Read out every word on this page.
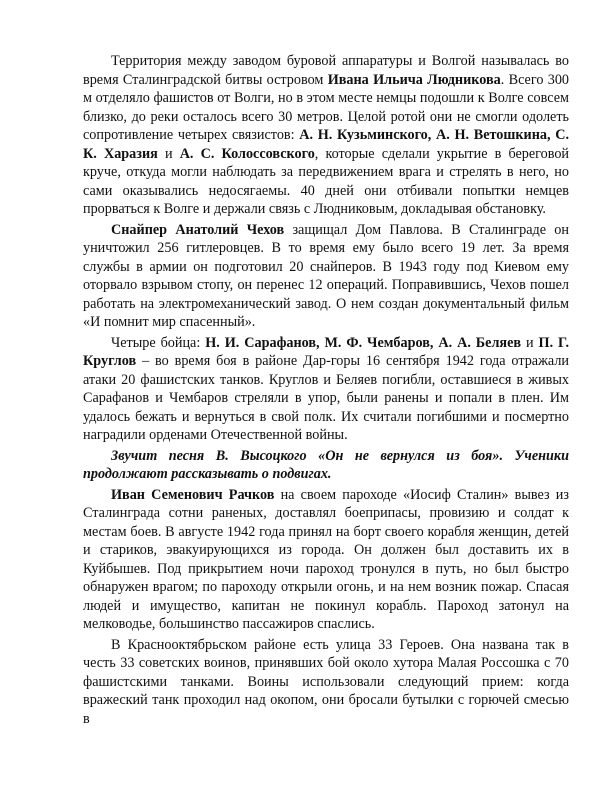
Территория между заводом буровой аппаратуры и Волгой называлась во время Сталинградской битвы островом Ивана Ильича Людникова. Всего 300 м отделяло фашистов от Волги, но в этом месте немцы подошли к Волге совсем близко, до реки осталось всего 30 метров. Целой ротой они не смогли одолеть сопротивление четырех связистов: А. Н. Кузьминского, А. Н. Ветошкина, С. К. Харазия и А. С. Колоссовского, которые сделали укрытие в береговой круче, откуда могли наблюдать за передвижением врага и стрелять в него, но сами оказывались недосягаемы. 40 дней они отбивали попытки немцев прорваться к Волге и держали связь с Людниковым, докладывая обстановку.

Снайпер Анатолий Чехов защищал Дом Павлова. В Сталинграде он уничтожил 256 гитлеровцев. В то время ему было всего 19 лет. За время службы в армии он подготовил 20 снайперов. В 1943 году под Киевом ему оторвало взрывом стопу, он перенес 12 операций. Поправившись, Чехов пошел работать на электромеханический завод. О нем создан документальный фильм «И помнит мир спасенный».

Четыре бойца: Н. И. Сарафанов, М. Ф. Чембаров, А. А. Беляев и П. Г. Круглов – во время боя в районе Дар-горы 16 сентября 1942 года отражали атаки 20 фашистских танков. Круглов и Беляев погибли, оставшиеся в живых Сарафанов и Чембаров стреляли в упор, были ранены и попали в плен. Им удалось бежать и вернуться в свой полк. Их считали погибшими и посмертно наградили орденами Отечественной войны.

Звучит песня В. Высоцкого «Он не вернулся из боя». Ученики продолжают рассказывать о подвигах.

Иван Семенович Рачков на своем пароходе «Иосиф Сталин» вывез из Сталинграда сотни раненых, доставлял боеприпасы, провизию и солдат к местам боев. В августе 1942 года принял на борт своего корабля женщин, детей и стариков, эвакуирующихся из города. Он должен был доставить их в Куйбышев. Под прикрытием ночи пароход тронулся в путь, но был быстро обнаружен врагом; по пароходу открыли огонь, и на нем возник пожар. Спасая людей и имущество, капитан не покинул корабль. Пароход затонул на мелководье, большинство пассажиров спаслись.

В Краснооктябрьском районе есть улица 33 Героев. Она названа так в честь 33 советских воинов, принявших бой около хутора Малая Россошка с 70 фашистскими танками. Воины использовали следующий прием: когда вражеский танк проходил над окопом, они бросали бутылки с горючей смесью в
